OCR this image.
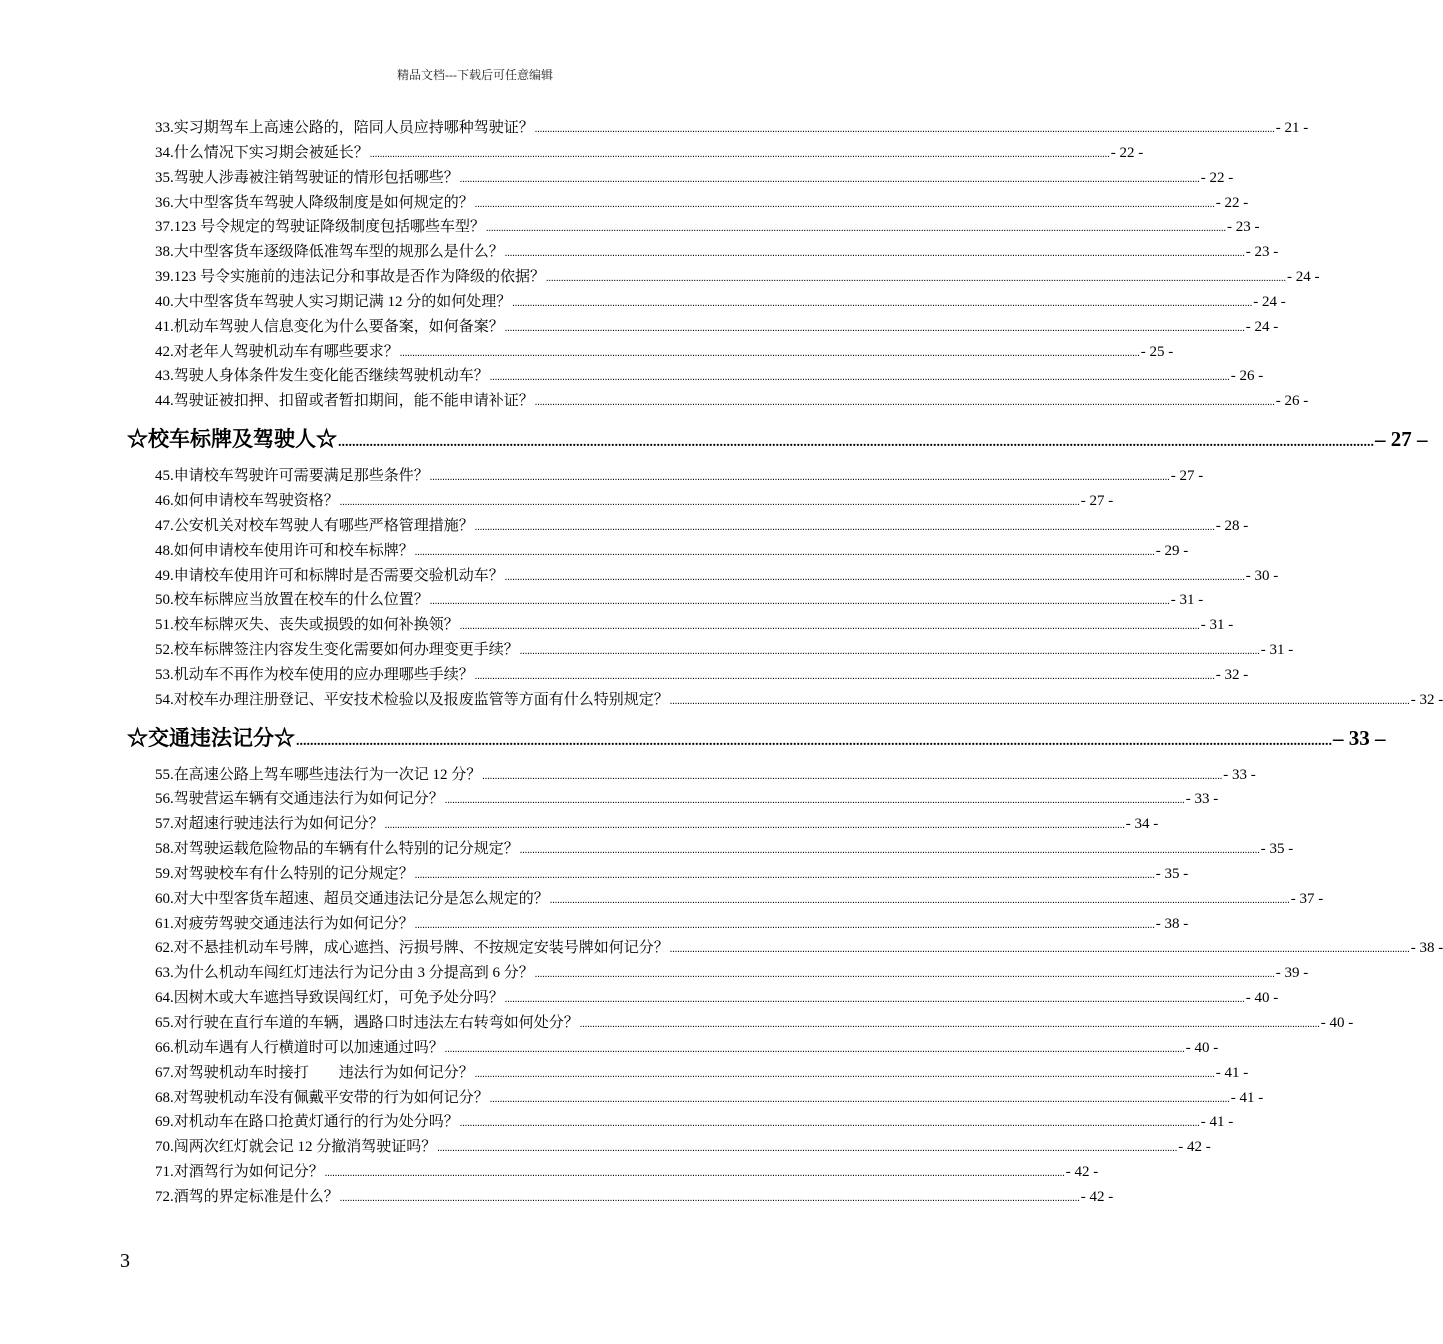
精品文档---下载后可任意编辑
33. 实习期驾车上高速公路的，陪同人员应持哪种驾驶证？ .....	- 21 -
34. 什么情况下实习期会被延长？ .....	- 22 -
35. 驾驶人涉毒被注销驾驶证的情形包括哪些？ .....	- 22 -
36. 大中型客货车驾驶人降级制度是如何规定的？ .....	- 22 -
37. 123 号令规定的驾驶证降级制度包括哪些车型？ .....	- 23 -
38. 大中型客货车逐级降低准驾车型的规那么是什么？ .....	- 23 -
39. 123 号令实施前的违法记分和事故是否作为降级的依据？ .....	- 24 -
40. 大中型客货车驾驶人实习期记满 12 分的如何处理？ .....	- 24 -
41. 机动车驾驶人信息变化为什么要备案，如何备案？ .....	- 24 -
42. 对老年人驾驶机动车有哪些要求？ .....	- 25 -
43. 驾驶人身体条件发生变化能否继续驾驶机动车？ .....	- 26 -
44. 驾驶证被扣押、扣留或者暂扣期间，能不能申请补证？ .....	- 26 -
☆校车标牌及驾驶人☆ .....	– 27 –
45. 申请校车驾驶许可需要满足那些条件？ .....	- 27 -
46. 如何申请校车驾驶资格？ .....	- 27 -
47. 公安机关对校车驾驶人有哪些严格管理措施？ .....	- 28 -
48. 如何申请校车使用许可和校车标牌？ .....	- 29 -
49. 申请校车使用许可和标牌时是否需要交验机动车？ .....	- 30 -
50. 校车标牌应当放置在校车的什么位置？ .....	- 31 -
51. 校车标牌灭失、丧失或损毁的如何补换领？ .....	- 31 -
52. 校车标牌签注内容发生变化需要如何办理变更手续？ .....	- 31 -
53. 机动车不再作为校车使用的应办理哪些手续？ .....	- 32 -
54. 对校车办理注册登记、平安技术检验以及报废监管等方面有什么特别规定？ .....	- 32 -
☆交通违法记分☆ .....	– 33 –
55. 在高速公路上驾车哪些违法行为一次记 12 分？ .....	- 33 -
56. 驾驶营运车辆有交通违法行为如何记分？ .....	- 33 -
57. 对超速行驶违法行为如何记分？ .....	- 34 -
58. 对驾驶运载危险物品的车辆有什么特别的记分规定？ .....	- 35 -
59. 对驾驶校车有什么特别的记分规定？ .....	- 35 -
60. 对大中型客货车超速、超员交通违法记分是怎么规定的？ .....	- 37 -
61. 对疲劳驾驶交通违法行为如何记分？ .....	- 38 -
62. 对不悬挂机动车号牌，成心遮挡、污损号牌、不按规定安装号牌如何记分？ .....	- 38 -
63. 为什么机动车闯红灯违法行为记分由 3 分提高到 6 分？ .....	- 39 -
64. 因树木或大车遮挡导致误闯红灯，可免予处分吗？ .....	- 40 -
65. 对行驶在直行车道的车辆，遇路口时违法左右转弯如何处分？ .....	- 40 -
66. 机动车遇有人行横道时可以加速通过吗？ .....	- 40 -
67. 对驾驶机动车时接打　　违法行为如何记分？ .....	- 41 -
68. 对驾驶机动车没有佩戴平安带的行为如何记分？ .....	- 41 -
69. 对机动车在路口抢黄灯通行的行为处分吗？ .....	- 41 -
70. 闯两次红灯就会记 12 分撤消驾驶证吗？ .....	- 42 -
71. 对酒驾行为如何记分？ .....	- 42 -
72. 酒驾的界定标准是什么？ .....	- 42 -
3
